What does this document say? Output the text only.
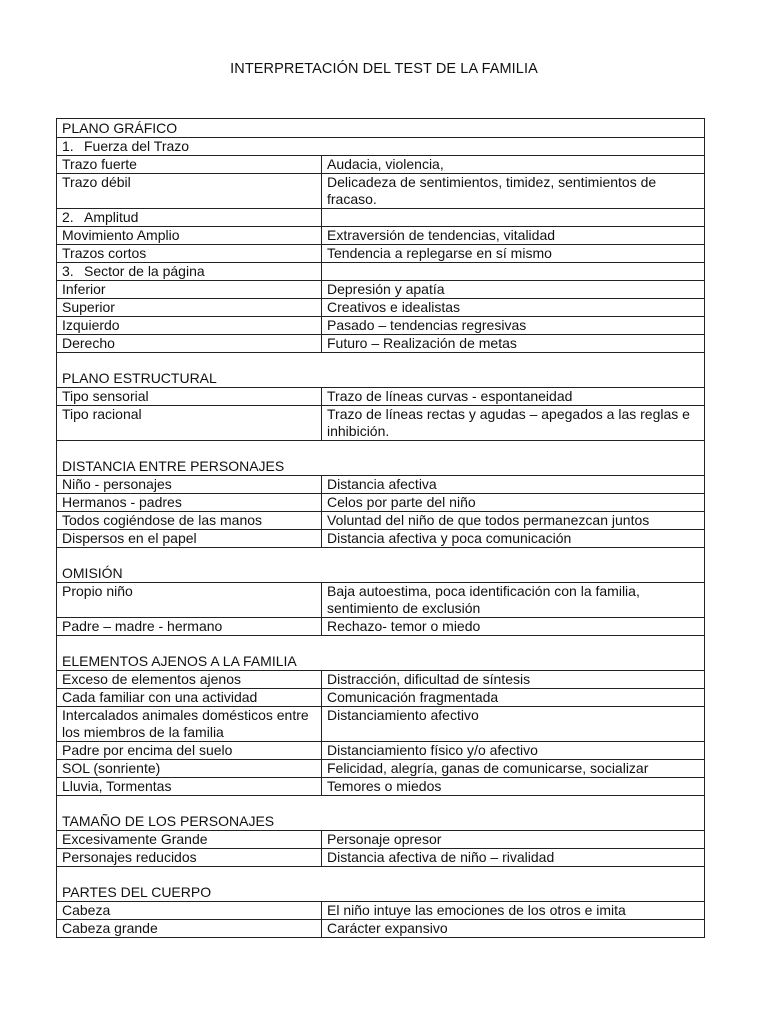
INTERPRETACIÓN DEL TEST DE LA FAMILIA
PLANO GRÁFICO	
1. Fuerza del Trazo	
Trazo fuerte	Audacia, violencia,
Trazo débil	Delicadeza de sentimientos, timidez, sentimientos de fracaso.
2. Amplitud	
Movimiento Amplio	Extraversión de tendencias, vitalidad
Trazos cortos	Tendencia a replegarse en sí mismo
3. Sector de la página	
Inferior	Depresión y apatía
Superior	Creativos e idealistas
Izquierdo	Pasado – tendencias regresivas
Derecho	Futuro – Realización de metas
PLANO ESTRUCTURAL	
Tipo sensorial	Trazo de líneas curvas - espontaneidad
Tipo racional	Trazo de líneas rectas y agudas – apegados a las reglas e inhibición.
DISTANCIA ENTRE PERSONAJES	
Niño - personajes	Distancia afectiva
Hermanos - padres	Celos por parte del niño
Todos cogiéndose de las manos	Voluntad del niño de que todos permanezcan juntos
Dispersos en el papel	Distancia afectiva y poca comunicación
OMISIÓN	
Propio niño	Baja autoestima, poca identificación con la familia, sentimiento de exclusión
Padre – madre - hermano	Rechazo- temor o miedo
ELEMENTOS AJENOS A LA FAMILIA	
Exceso de elementos ajenos	Distracción, dificultad de síntesis
Cada familiar con una actividad	Comunicación fragmentada
Intercalados animales domésticos entre los miembros de la familia	Distanciamiento afectivo
Padre por encima del suelo	Distanciamiento físico y/o afectivo
SOL (sonriente)	Felicidad, alegría, ganas de comunicarse, socializar
Lluvia, Tormentas	Temores o miedos
TAMAÑO DE LOS PERSONAJES	
Excesivamente Grande	Personaje opresor
Personajes reducidos	Distancia afectiva de niño – rivalidad
PARTES DEL CUERPO	
Cabeza	El niño intuye las emociones de los otros e imita
Cabeza grande	Carácter expansivo
